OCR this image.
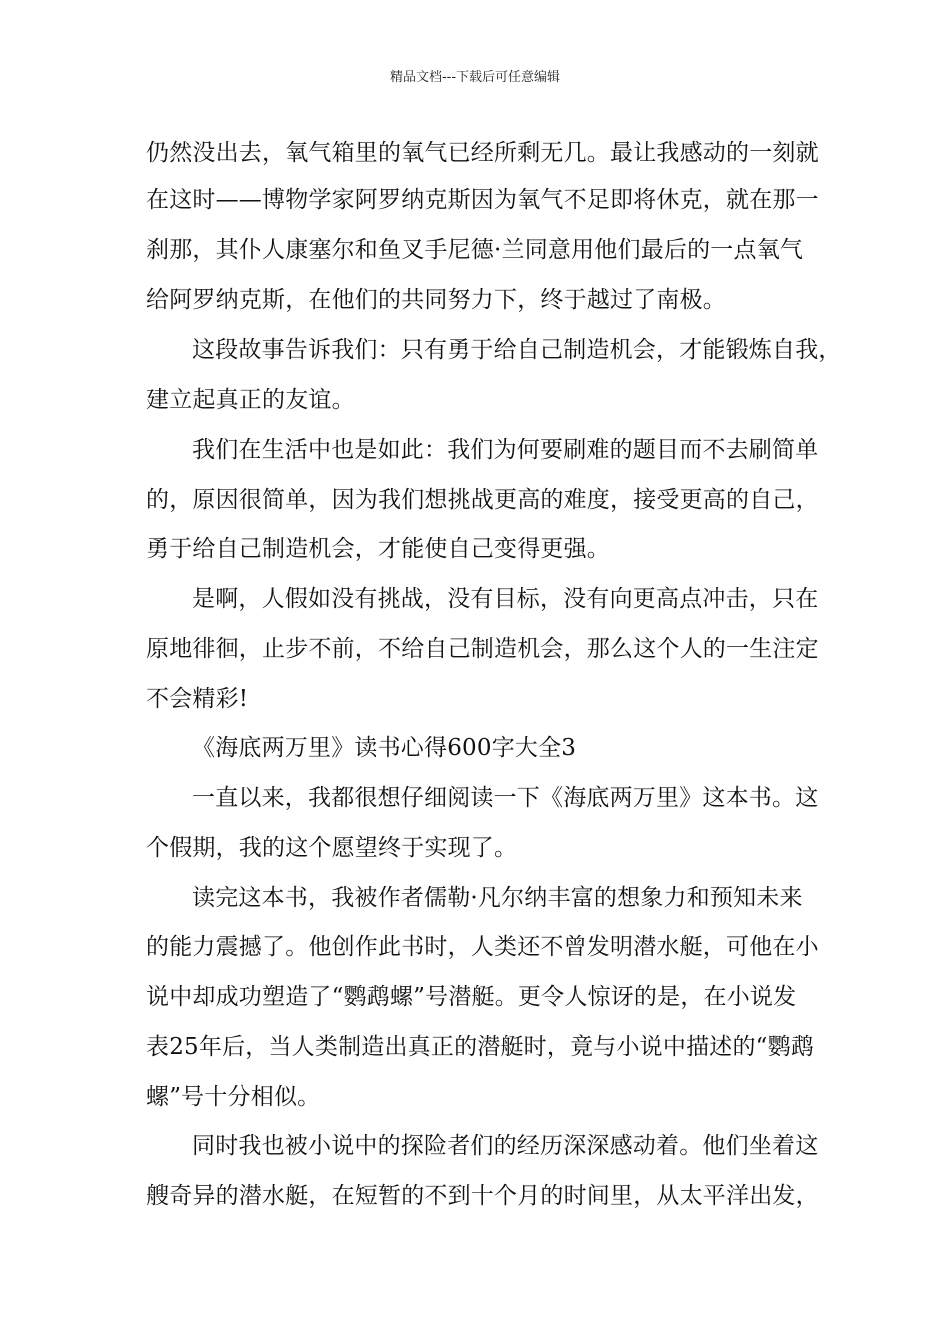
精品文档---下载后可任意编辑
仍然没出去，氧气箱里的氧气已经所剩无几。最让我感动的一刻就
在这时——博物学家阿罗纳克斯因为氧气不足即将休克，就在那一
刹那，其仆人康塞尔和鱼叉手尼德·兰同意用他们最后的一点氧气
给阿罗纳克斯，在他们的共同努力下，终于越过了南极。
这段故事告诉我们：只有勇于给自己制造机会，才能锻炼自我，
建立起真正的友谊。
我们在生活中也是如此：我们为何要刷难的题目而不去刷简单
的，原因很简单，因为我们想挑战更高的难度，接受更高的自己，
勇于给自己制造机会，才能使自己变得更强。
是啊，人假如没有挑战，没有目标，没有向更高点冲击，只在
原地徘徊，止步不前，不给自己制造机会，那么这个人的一生注定
不会精彩!
《海底两万里》读书心得600字大全3
一直以来，我都很想仔细阅读一下《海底两万里》这本书。这
个假期，我的这个愿望终于实现了。
读完这本书，我被作者儒勒·凡尔纳丰富的想象力和预知未来
的能力震撼了。他创作此书时，人类还不曾发明潜水艇，可他在小
说中却成功塑造了“鹦鹉螺”号潜艇。更令人惊讶的是，在小说发
表25年后，当人类制造出真正的潜艇时，竟与小说中描述的“鹦鹉
螺”号十分相似。
同时我也被小说中的探险者们的经历深深感动着。他们坐着这
艘奇异的潜水艇，在短暂的不到十个月的时间里，从太平洋出发，
